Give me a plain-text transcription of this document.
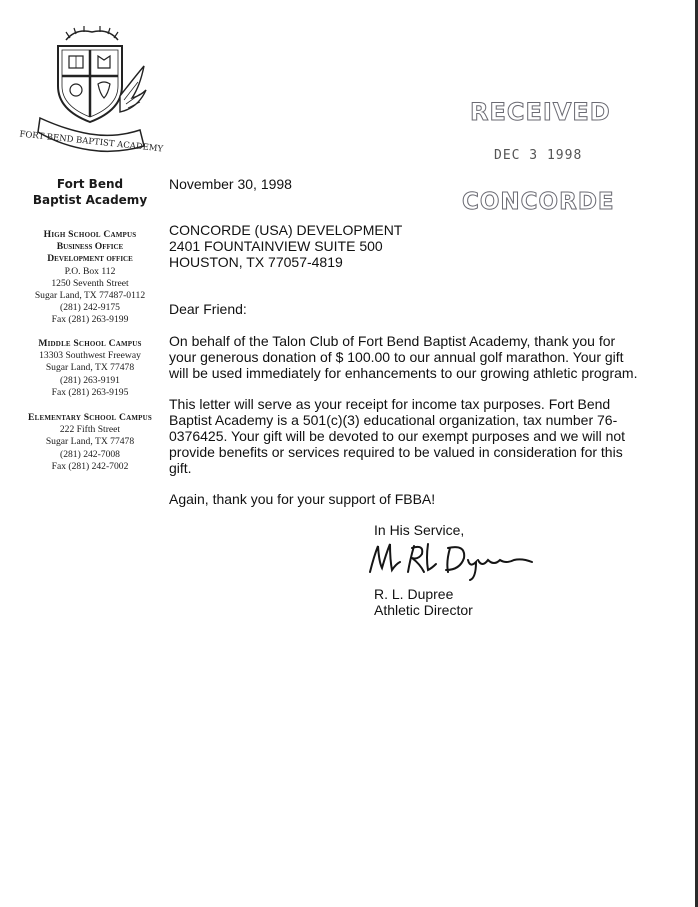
FORT BEND BAPTIST ACADEMY
Fort Bend
Baptist Academy
High School Campus
Business Office
Development office
P.O. Box 112
1250 Seventh Street
Sugar Land, TX 77487-0112
(281) 242-9175
Fax (281) 263-9199
Middle School Campus
13303 Southwest Freeway
Sugar Land, TX 77478
(281) 263-9191
Fax (281) 263-9195
Elementary School Campus
222 Fifth Street
Sugar Land, TX 77478
(281) 242-7008
Fax (281) 242-7002
RECEIVED
DEC 3 1998
CONCORDE
November 30, 1998
CONCORDE (USA) DEVELOPMENT
2401 FOUNTAINVIEW SUITE 500
HOUSTON, TX 77057-4819
Dear Friend:
On behalf of the Talon Club of Fort Bend Baptist Academy, thank you for
your generous donation of $ 100.00 to our annual golf marathon. Your gift
will be used immediately for enhancements to our growing athletic program.
This letter will serve as your receipt for income tax purposes. Fort Bend
Baptist Academy is a 501(c)(3) educational organization, tax number 76-
0376425. Your gift will be devoted to our exempt purposes and we will not
provide benefits or services required to be valued in consideration for this
gift.
Again, thank you for your support of FBBA!
In His Service,
R. L. Dupree
Athletic Director
